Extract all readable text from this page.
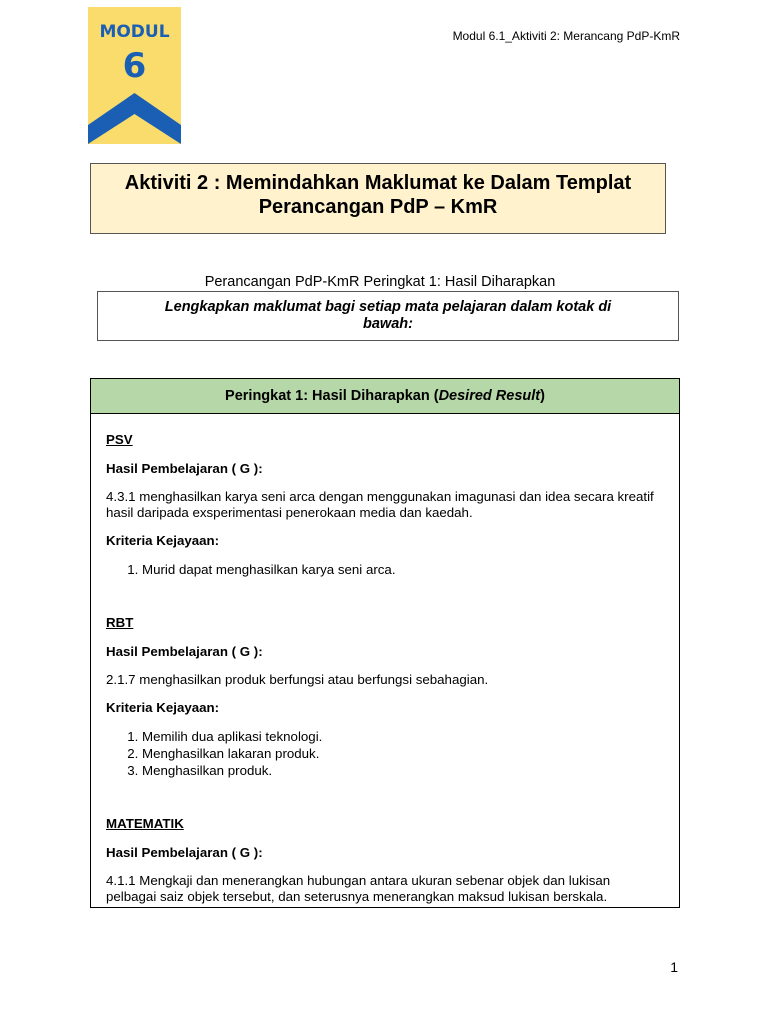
MODUL
6
Modul 6.1_Aktiviti 2: Merancang PdP-KmR
Aktiviti 2 : Memindahkan Maklumat ke Dalam Templat
Perancangan PdP – KmR
Perancangan PdP-KmR Peringkat 1: Hasil Diharapkan
Lengkapkan maklumat bagi setiap mata pelajaran dalam kotak di bawah:
Peringkat 1: Hasil Diharapkan (Desired Result)
PSV
Hasil Pembelajaran ( G ):
4.3.1 menghasilkan karya seni arca dengan menggunakan imagunasi dan idea secara kreatif hasil daripada exsperimentasi penerokaan media dan kaedah.
Kriteria Kejayaan:
1. Murid dapat menghasilkan karya seni arca.
RBT
Hasil Pembelajaran ( G ):
2.1.7 menghasilkan produk berfungsi atau berfungsi sebahagian.
Kriteria Kejayaan:
1. Memilih dua aplikasi teknologi.
2. Menghasilkan lakaran produk.
3. Menghasilkan produk.
MATEMATIK
Hasil Pembelajaran ( G ):
4.1.1 Mengkaji dan menerangkan hubungan antara ukuran sebenar objek dan lukisan pelbagai saiz objek tersebut, dan seterusnya menerangkan maksud lukisan berskala.
1
